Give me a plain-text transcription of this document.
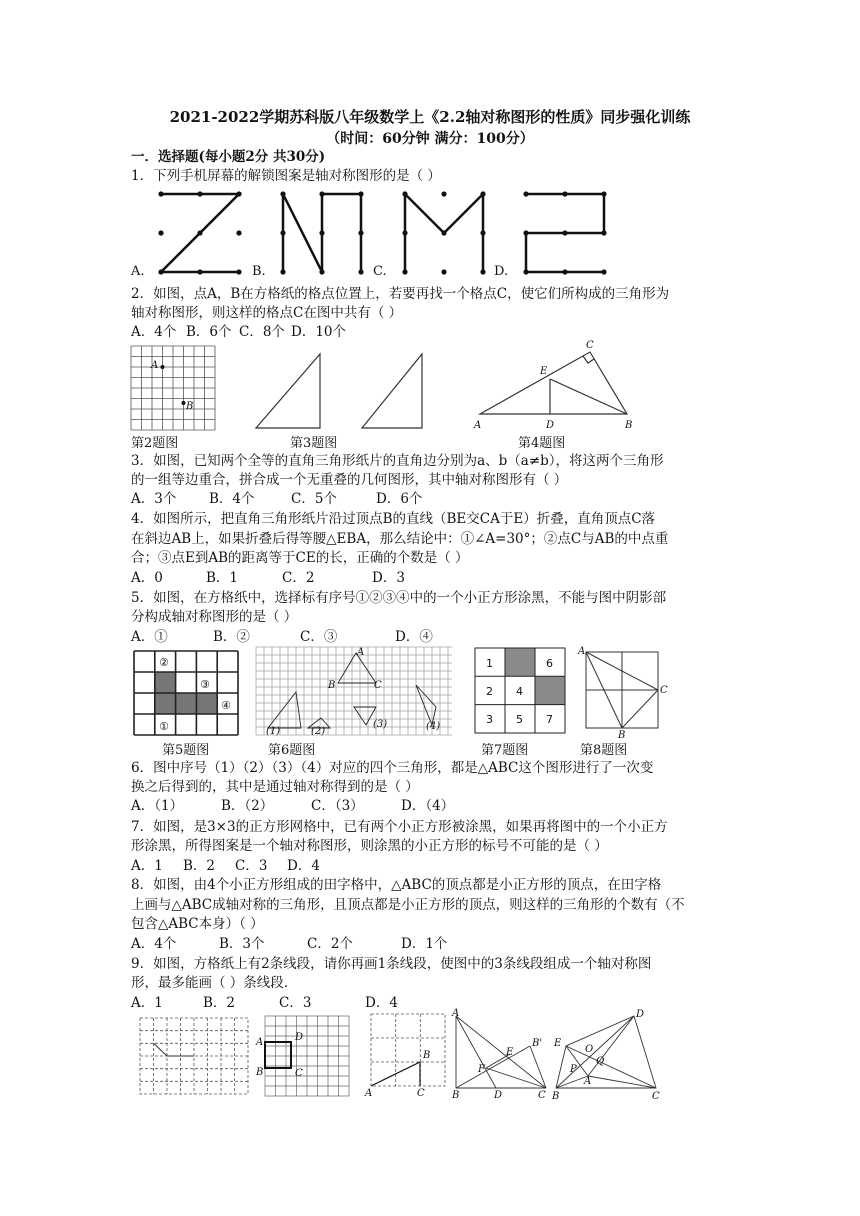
2021-2022学期苏科版八年级数学上《2.2轴对称图形的性质》同步强化训练
（时间：60分钟 满分：100分）
一．选择题(每小题2分 共30分)
1．下列手机屏幕的解锁图案是轴对称图形的是（ ）
A.	B.	C.	D.
2．如图，点A，B在方格纸的格点位置上，若要再找一个格点C，使它们所构成的三角形为
轴对称图形，则这样的格点C在图中共有（ ）
A．4个 B．6个 C．8个 D．10个
A
B
C
E
A	D	B
第2题图	第3题图	第4题图
3．如图，已知两个全等的直角三角形纸片的直角边分别为a、b（a≠b），将这两个三角形
的一组等边重合，拼合成一个无重叠的几何图形，其中轴对称图形有（ ）
A．3个 B．4个	C．5个	D．6个
4．如图所示，把直角三角形纸片沿过顶点B的直线（BE交CA于E）折叠，直角顶点C落
在斜边AB上，如果折叠后得等腰△EBA，那么结论中：①∠A=30°；②点C与AB的中点重
合；③点E到AB的距离等于CE的长，正确的个数是（ ）
A．0	B．1	C．2	D．3
5．如图，在方格纸中，选择标有序号①②③④中的一个小正方形涂黑，不能与图中阴影部
分构成轴对称图形的是（ ）
A．①	B．②	C．③	D．④
②
③
④
①
A
B	C
(1)	(2)
(3)	(4)
1	6
2 4
3 5 7
A
C
B
第5题图	第6题图	第7题图	第8题图
6．图中序号（1）（2）（3）（4）对应的四个三角形，都是△ABC这个图形进行了一次变
换之后得到的，其中是通过轴对称得到的是（ ）
A．（1）	B．（2）	C．（3）	D．（4）
7．如图，是3×3的正方形网格中，已有两个小正方形被涂黑，如果再将图中的一个小正方
形涂黑，所得图案是一个轴对称图形，则涂黑的小正方形的标号不可能的是（ ）
A．1 B．2 C．3 D．4
8．如图，由4个小正方形组成的田字格中，△ABC的顶点都是小正方形的顶点，在田字格
上画与△ABC成轴对称的三角形，且顶点都是小正方形的顶点，则这样的三角形的个数有（不
包含△ABC本身）（ ）
A．4个	B．3个	C．2个	D．1个
9．如图，方格纸上有2条线段，请你再画1条线段，使图中的3条线段组成一个轴对称图
形，最多能画（ ）条线段.
A．1	B．2	C．3	D．4
A
B
D
C
A
B
C
A
B'
E
F
B	D	C
E
D
O
Q
P
A
B	C
